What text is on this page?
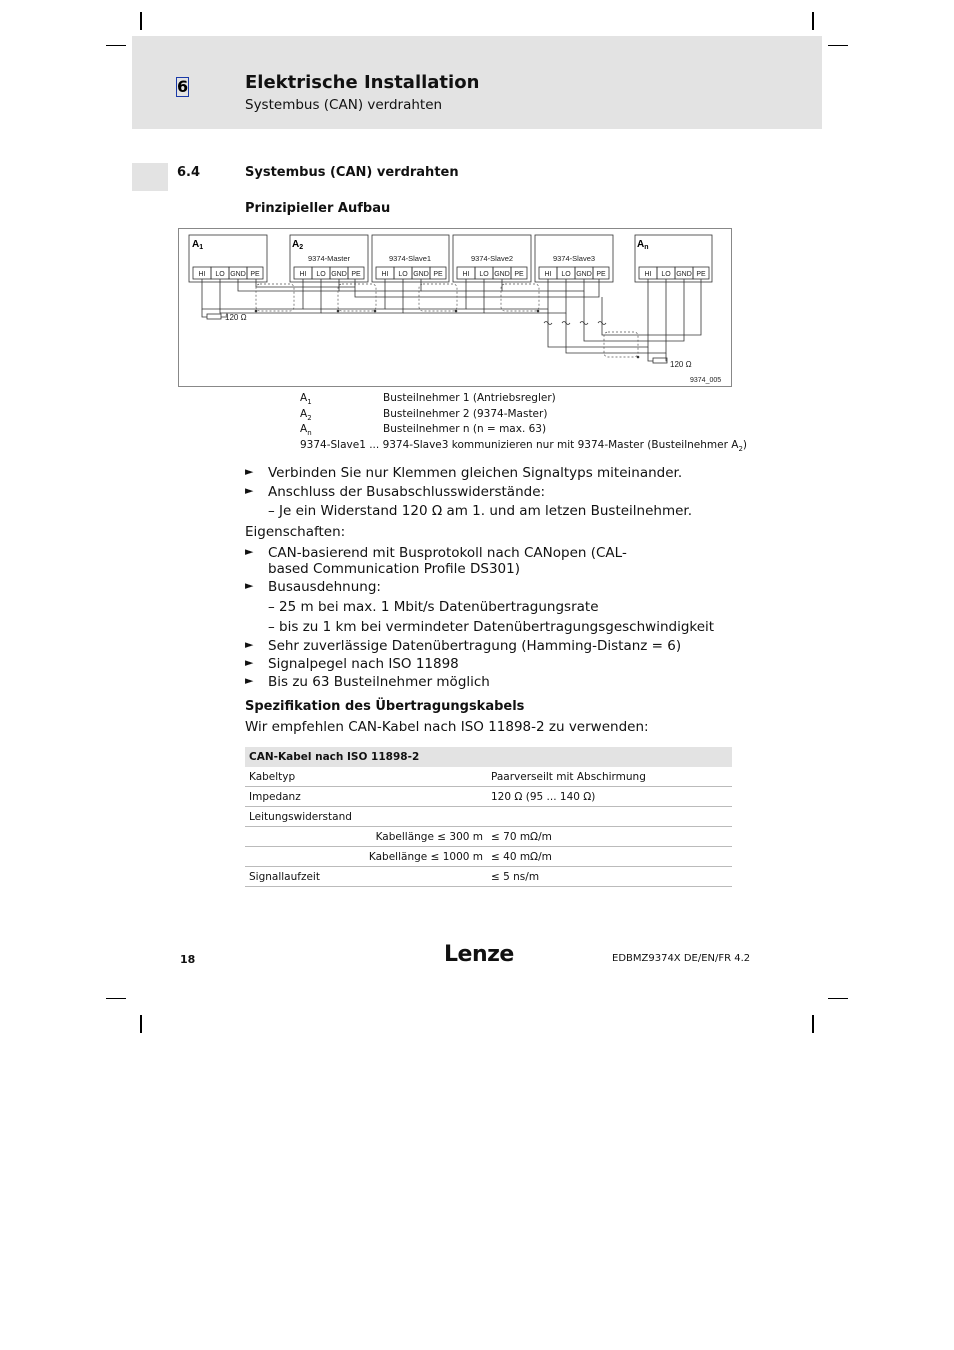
6	Elektrische Installation
Systembus (CAN) verdrahten
6.4	Systembus (CAN) verdrahten
Prinzipieller Aufbau
$A_1$	$A_2$	$A_n$
9374-Master	9374-Slave1	9374-Slave2	9374-Slave3
HI LO GND PE	HI LO GND PE	HI LO GND PE	HI LO GND PE	HI LO GND PE	HI LO GND PE
120 Ω
120 Ω
9374_005
$A_1$	Busteilnehmer 1 (Antriebsregler)
$A_2$	Busteilnehmer 2 (9374-Master)
$A_n$	Busteilnehmer n (n = max. 63)
9374-Slave1 ... 9374-Slave3 kommunizieren nur mit 9374-Master (Busteilnehmer $A_2$)
► Verbinden Sie nur Klemmen gleichen Signaltyps miteinander.
► Anschluss der Busabschlusswiderstände:
– Je ein Widerstand 120 Ω am 1. und am letzen Busteilnehmer.
Eigenschaften:
► CAN-basierend mit Busprotokoll nach CANopen (CAL-based Communication Profile DS301)
► Busausdehnung:
– 25 m bei max. 1 Mbit/s Datenübertragungsrate
– bis zu 1 km bei vermindeter Datenübertragungsgeschwindigkeit
► Sehr zuverlässige Datenübertragung (Hamming-Distanz = 6)
► Signalpegel nach ISO 11898
► Bis zu 63 Busteilnehmer möglich
Spezifikation des Übertragungskabels
Wir empfehlen CAN-Kabel nach ISO 11898-2 zu verwenden:
CAN-Kabel nach ISO 11898-2	
Kabeltyp	Paarverseilt mit Abschirmung
Impedanz	120 Ω (95 ... 140 Ω)
Leitungswiderstand	
Kabellänge ≤ 300 m	≤ 70 mΩ/m
Kabellänge ≤ 1000 m	≤ 40 mΩ/m
Signallaufzeit	≤ 5 ns/m
18	Lenze	EDBMZ9374X DE/EN/FR 4.2
